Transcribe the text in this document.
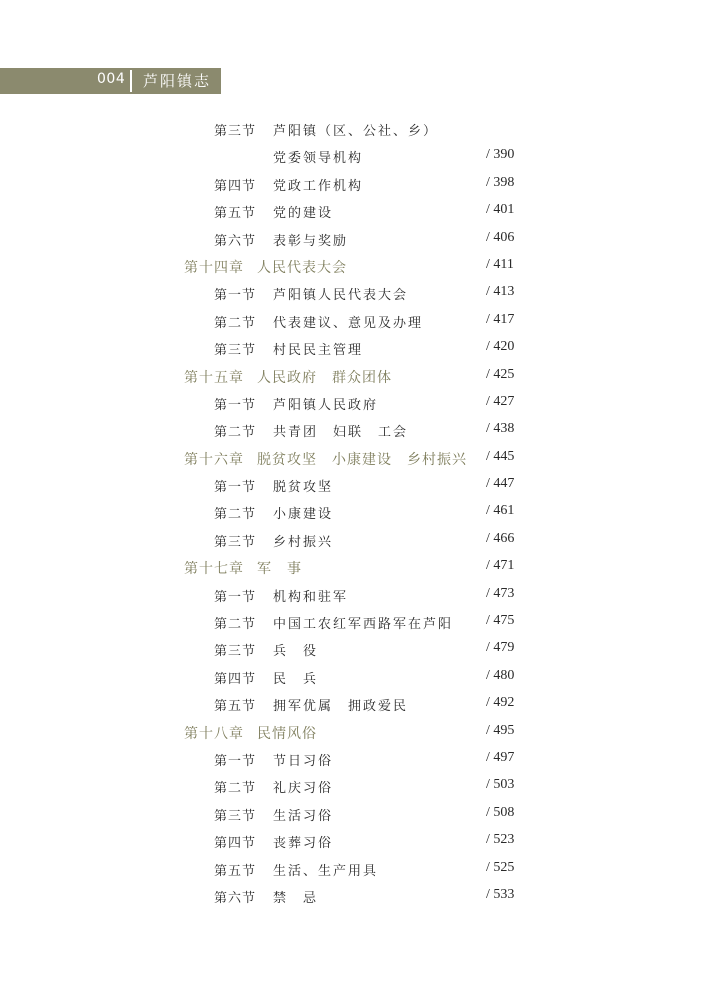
004 芦阳镇志
第三节 芦阳镇（区、公社、乡）
党委领导机构	/ 390
第四节 党政工作机构	/ 398
第五节 党的建设	/ 401
第六节 表彰与奖励	/ 406
第十四章 人民代表大会	/ 411
第一节 芦阳镇人民代表大会	/ 413
第二节 代表建议、意见及办理	/ 417
第三节 村民民主管理	/ 420
第十五章 人民政府　群众团体	/ 425
第一节 芦阳镇人民政府	/ 427
第二节 共青团　妇联　工会	/ 438
第十六章 脱贫攻坚　小康建设　乡村振兴 / 445
第一节 脱贫攻坚	/ 447
第二节 小康建设	/ 461
第三节 乡村振兴	/ 466
第十七章 军　事	/ 471
第一节 机构和驻军	/ 473
第二节 中国工农红军西路军在芦阳 / 475
第三节 兵　役	/ 479
第四节 民　兵	/ 480
第五节 拥军优属　拥政爱民	/ 492
第十八章 民情风俗	/ 495
第一节 节日习俗	/ 497
第二节 礼庆习俗	/ 503
第三节 生活习俗	/ 508
第四节 丧葬习俗	/ 523
第五节 生活、生产用具	/ 525
第六节 禁　忌	/ 533
